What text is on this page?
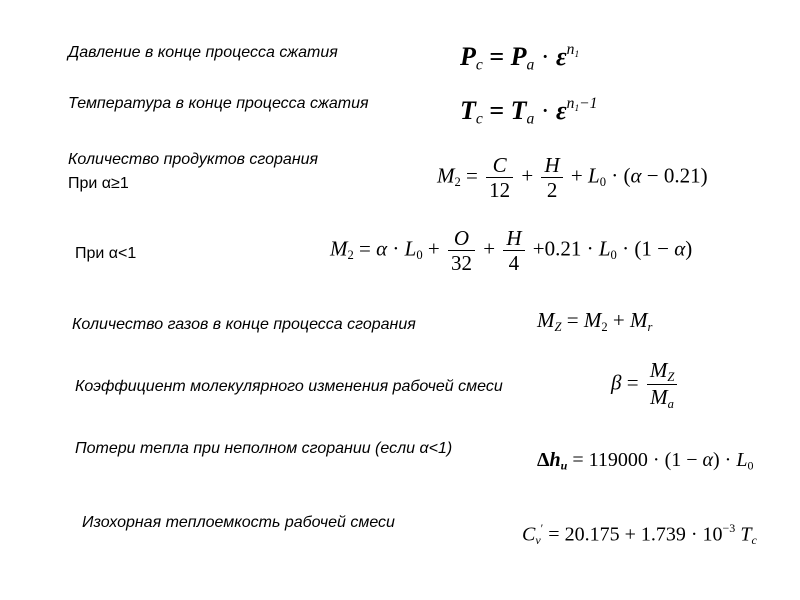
Давление в конце процесса сжатия
Температура в конце процесса сжатия
Количество продуктов сгорания
При α≥1
При α<1
Количество газов в конце процесса сгорания
Коэффициент молекулярного изменения рабочей смеси
Потери тепла при неполном сгорании (если α<1)
Изохорная теплоемкость рабочей смеси
$P_c = P_a \cdot \varepsilon^{n_1}$
$T_c = T_a \cdot \varepsilon^{n_1-1}$
$M_2 = \frac{C}{12} + \frac{H}{2} + L_0 \cdot (\alpha - 0.21)$
$M_2 = \alpha \cdot L_0 + \frac{O}{32} + \frac{H}{4} +0.21 \cdot L_0 \cdot (1 - \alpha)$
$M_Z = M_2 + M_r$
$\beta = \frac{M_Z}{M_a}$
$\Delta h_u = 119000 \cdot (1 - \alpha) \cdot L_0$
$C_v' = 20.175 + 1.739 \cdot 10^{-3}$ $T_c$
